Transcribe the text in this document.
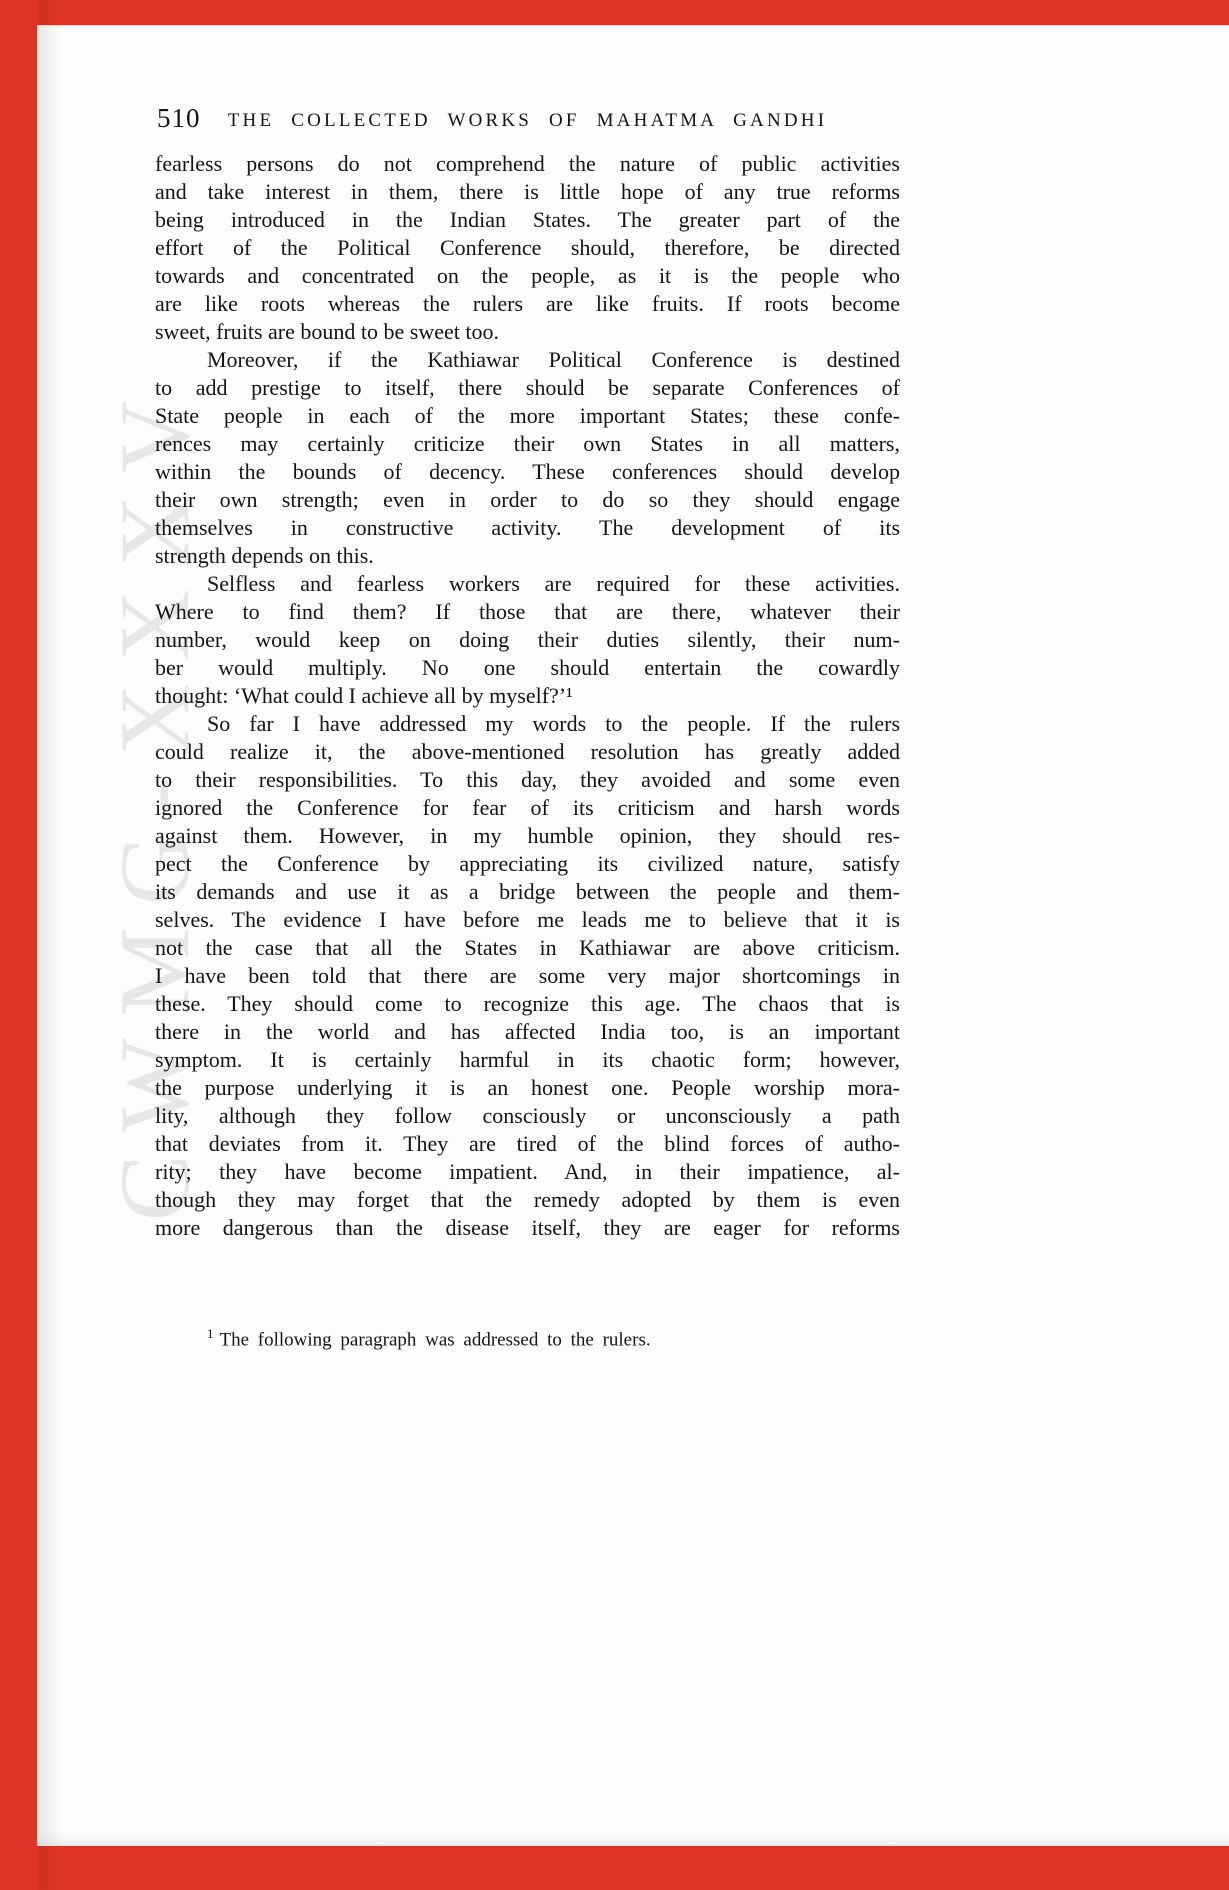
CWMG-XXXV
510	THE COLLECTED WORKS OF MAHATMA GANDHI
fearless persons do not comprehend the nature of public activities
and take interest in them, there is little hope of any true reforms
being introduced in the Indian States. The greater part of the
effort of the Political Conference should, therefore, be directed
towards and concentrated on the people, as it is the people who
are like roots whereas the rulers are like fruits. If roots become
sweet, fruits are bound to be sweet too.
Moreover, if the Kathiawar Political Conference is destined
to add prestige to itself, there should be separate Conferences of
State people in each of the more important States; these confe-
rences may certainly criticize their own States in all matters,
within the bounds of decency. These conferences should develop
their own strength; even in order to do so they should engage
themselves in constructive activity. The development of its
strength depends on this.
Selfless and fearless workers are required for these activities.
Where to find them? If those that are there, whatever their
number, would keep on doing their duties silently, their num-
ber would multiply. No one should entertain the cowardly
thought: ‘What could I achieve all by myself?’¹
So far I have addressed my words to the people. If the rulers
could realize it, the above-mentioned resolution has greatly added
to their responsibilities. To this day, they avoided and some even
ignored the Conference for fear of its criticism and harsh words
against them. However, in my humble opinion, they should res-
pect the Conference by appreciating its civilized nature, satisfy
its demands and use it as a bridge between the people and them-
selves. The evidence I have before me leads me to believe that it is
not the case that all the States in Kathiawar are above criticism.
I have been told that there are some very major shortcomings in
these. They should come to recognize this age. The chaos that is
there in the world and has affected India too, is an important
symptom. It is certainly harmful in its chaotic form; however,
the purpose underlying it is an honest one. People worship mora-
lity, although they follow consciously or unconsciously a path
that deviates from it. They are tired of the blind forces of autho-
rity; they have become impatient. And, in their impatience, al-
though they may forget that the remedy adopted by them is even
more dangerous than the disease itself, they are eager for reforms
$^1$ The following paragraph was addressed to the rulers.
